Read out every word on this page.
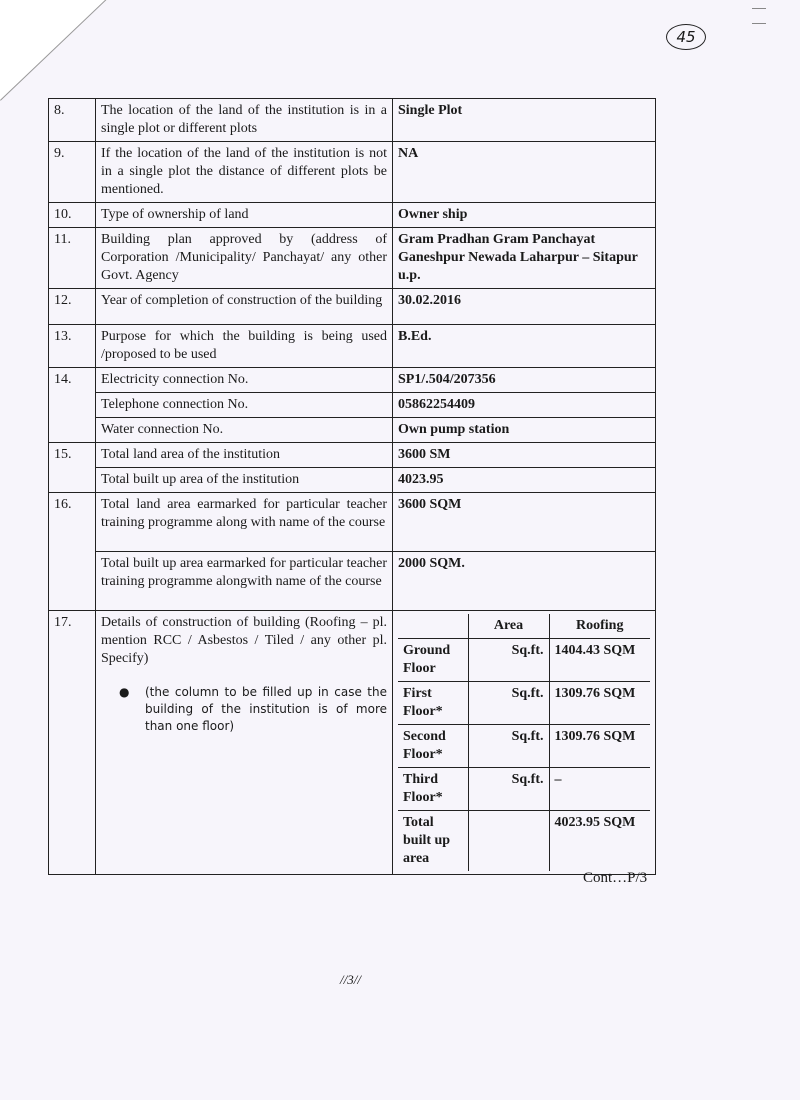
45
8.	The location of the land of the institution is in a single plot or different plots	Single Plot
9.	If the location of the land of the institution is not in a single plot the distance of different plots be mentioned.	NA
10.	Type of ownership of land	Owner ship
11.	Building plan approved by (address of Corporation /Municipality/ Panchayat/ any other Govt. Agency	Gram Pradhan Gram Panchayat Ganeshpur Newada Laharpur – Sitapur u.p.
12.	Year of completion of construction of the building	30.02.2016
13.	Purpose for which the building is being used /proposed to be used	B.Ed.
14.	Electricity connection No.	SP1/.504/207356
Telephone connection No.	05862254409
Water connection No.	Own pump station
15.	Total land area of the institution	3600 SM
Total built up area of the institution	4023.95
16.	Total land area earmarked for particular teacher training programme along with name of the course	3600 SQM
Total built up area earmarked for particular teacher training programme alongwith name of the course	2000 SQM.
17.	Details of construction of building (Roofing – pl. mention RCC / Asbestos / Tiled / any other pl. Specify)
●	(the column to be filled up in case the building of the institution is of more than one floor)

	Area	Roofing
Ground Floor	Sq.ft.	1404.43 SQM
First Floor*	Sq.ft.	1309.76 SQM
Second Floor*	Sq.ft.	1309.76 SQM
Third Floor*	Sq.ft.	–
Total built up area		4023.95 SQM
Cont…P/3
//3//
